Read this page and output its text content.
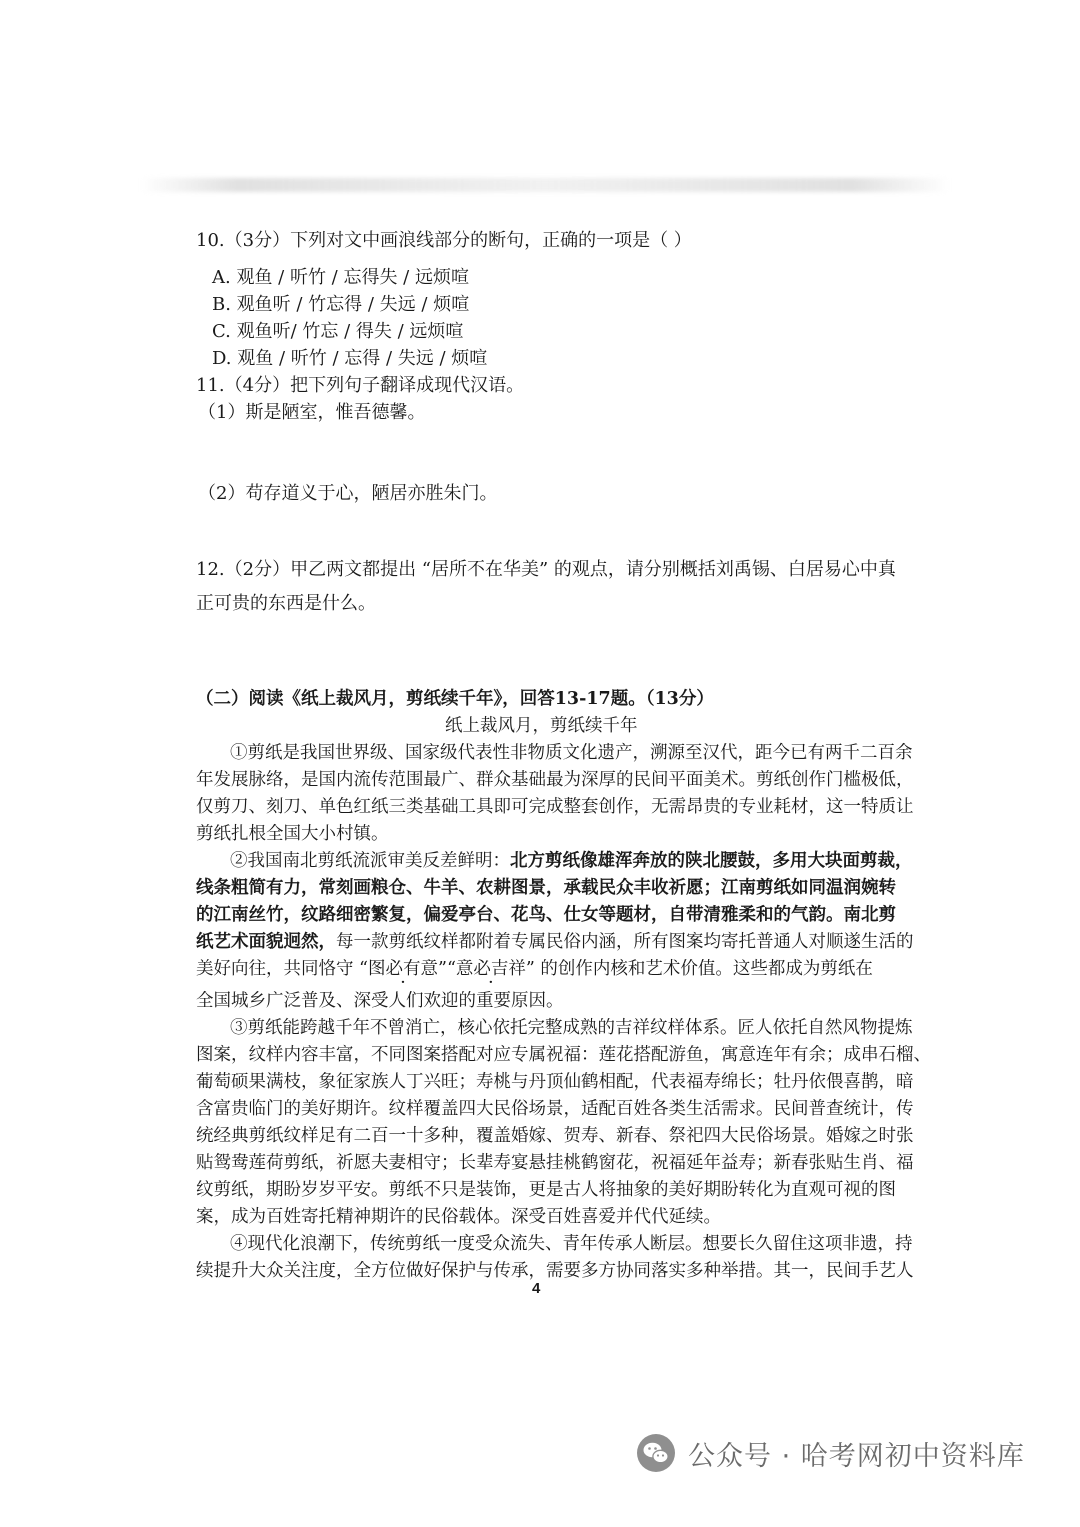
10.（3分）下列对文中画浪线部分的断句，正确的一项是（ ）
A. 观鱼 / 听竹 / 忘得失 / 远烦喧
B. 观鱼听 / 竹忘得 / 失远 / 烦喧
C. 观鱼听/ 竹忘 / 得失 / 远烦喧
D. 观鱼 / 听竹 / 忘得 / 失远 / 烦喧
11.（4分）把下列句子翻译成现代汉语。
（1）斯是陋室，惟吾德馨。
（2）苟存道义于心，陋居亦胜朱门。
12.（2分）甲乙两文都提出 “居所不在华美” 的观点，请分别概括刘禹锡、白居易心中真
正可贵的东西是什么。
（二）阅读《纸上裁风月，剪纸续千年》，回答13-17题。（13分）
纸上裁风月，剪纸续千年
①剪纸是我国世界级、国家级代表性非物质文化遗产，溯源至汉代，距今已有两千二百余
年发展脉络，是国内流传范围最广、群众基础最为深厚的民间平面美术。剪纸创作门槛极低，
仅剪刀、刻刀、单色红纸三类基础工具即可完成整套创作，无需昂贵的专业耗材，这一特质让
剪纸扎根全国大小村镇。
②我国南北剪纸流派审美反差鲜明：北方剪纸像雄浑奔放的陕北腰鼓，多用大块面剪裁，
线条粗简有力，常刻画粮仓、牛羊、农耕图景，承载民众丰收祈愿；江南剪纸如同温润婉转
的江南丝竹，纹路细密繁复，偏爱亭台、花鸟、仕女等题材，自带清雅柔和的气韵。南北剪
纸艺术面貌迥然，每一款剪纸纹样都附着专属民俗内涵，所有图案均寄托普通人对顺遂生活的
美好向往，共同恪守 “图必有意”“意必吉祥” 的创作内核和艺术价值。这些都成为剪纸在
全国城乡广泛普及、深受人们欢迎的重要原因。
③剪纸能跨越千年不曾消亡，核心依托完整成熟的吉祥纹样体系。匠人依托自然风物提炼
图案，纹样内容丰富，不同图案搭配对应专属祝福：莲花搭配游鱼，寓意连年有余；成串石榴、
葡萄硕果满枝，象征家族人丁兴旺；寿桃与丹顶仙鹤相配，代表福寿绵长；牡丹依偎喜鹊，暗
含富贵临门的美好期许。纹样覆盖四大民俗场景，适配百姓各类生活需求。民间普查统计，传
统经典剪纸纹样足有二百一十多种，覆盖婚嫁、贺寿、新春、祭祀四大民俗场景。婚嫁之时张
贴鸳鸯莲荷剪纸，祈愿夫妻相守；长辈寿宴悬挂桃鹤窗花，祝福延年益寿；新春张贴生肖、福
纹剪纸，期盼岁岁平安。剪纸不只是装饰，更是古人将抽象的美好期盼转化为直观可视的图
案，成为百姓寄托精神期许的民俗载体。深受百姓喜爱并代代延续。
④现代化浪潮下，传统剪纸一度受众流失、青年传承人断层。想要长久留住这项非遗，持
续提升大众关注度，全方位做好保护与传承，需要多方协同落实多种举措。其一，民间手艺人
4
公众号 · 哈考网初中资料库
